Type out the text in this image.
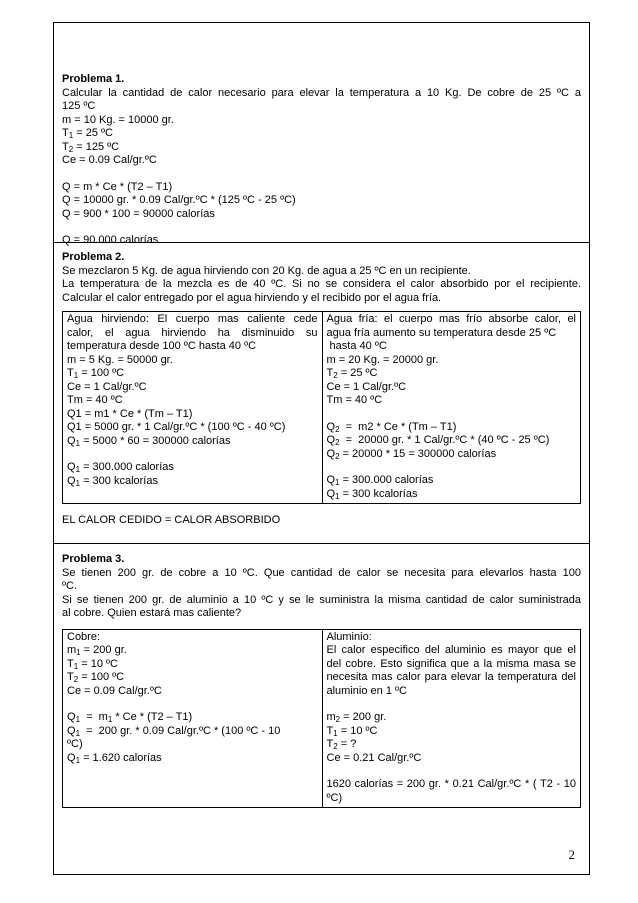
Problema 1.
Calcular la cantidad de calor necesario para elevar la temperatura a 10 Kg. De cobre de 25 ºC a
125 ºC
m = 10 Kg. = 10000 gr.
$T_1 = 25$ ºC
$T_2 = 125$ ºC
Ce = 0.09 Cal/gr.ºC
Q = m * Ce * (T2 – T1)
Q = 10000 gr. * 0.09 Cal/gr.ºC * (125 ºC - 25 ºC)
Q = 900 * 100 = 90000 calorías
Q = 90.000 calorías
Problema 2.
Se mezclaron 5 Kg. de agua hirviendo con 20 Kg. de agua a 25 ºC en un recipiente.
La temperatura de la mezcla es de 40 ºC. Si no se considera el calor absorbido por el recipiente.
Calcular el calor entregado por el agua hirviendo y el recibido por el agua fría.
Agua hirviendo: El cuerpo mas caliente cede
calor, el agua hirviendo ha disminuido su
temperatura desde 100 ºC hasta 40 ºC
m = 5 Kg. = 50000 gr.
$T_1 = 100$ ºC
Ce = 1 Cal/gr.ºC
Tm = 40 ºC
Q1 = m1 * Ce * (Tm – T1)
Q1 = 5000 gr. * 1 Cal/gr.ºC * (100 ºC - 40 ºC)
$Q_1 = 5000 * 60 = 300000$ calorías
$Q_1 = 300.000$ calorías
$Q_1 = 300$ kcalorías
Agua fría: el cuerpo mas frío absorbe calor, el
agua fría aumento su temperatura desde 25 ºC
hasta 40 ºC
m = 20 Kg. = 20000 gr.
$T_2 = 25$ ºC
Ce = 1 Cal/gr.ºC
Tm = 40 ºC
$Q_2 = m2 * Ce * (Tm - T1)$
$Q_2 = 20000$ gr. * 1 Cal/gr.ºC * (40 ºC - 25 ºC)
$Q_2 = 20000 * 15 = 300000$ calorías
$Q_1 = 300.000$ calorías
$Q_1 = 300$ kcalorías
EL CALOR CEDIDO = CALOR ABSORBIDO
Problema 3.
Se tienen 200 gr. de cobre a 10 ºC. Que cantidad de calor se necesita para elevarlos hasta 100
ºC.
Si se tienen 200 gr. de aluminio a 10 ºC y se le suministra la misma cantidad de calor suministrada
al cobre. Quien estará mas caliente?
Cobre:
$m_1 = 200$ gr.
$T_1 = 10$ ºC
$T_2 = 100$ ºC
Ce = 0.09 Cal/gr.ºC
$Q_1 = m_1 * Ce * (T2 - T1)$
$Q_1 = 200$ gr. * 0.09 Cal/gr.ºC * (100 ºC - 10
ºC)
$Q_1 = 1.620$ calorías
Aluminio:
El calor especifico del aluminio es mayor que el
del cobre. Esto significa que a la misma masa se
necesita mas calor para elevar la temperatura del
aluminio en 1 ºC
$m_2 = 200$ gr.
$T_1 = 10$ ºC
$T_2$ = ?
Ce = 0.21 Cal/gr.ºC
1620 calorías = 200 gr. * 0.21 Cal/gr.ºC * ( T2 - 10
ºC)
2
